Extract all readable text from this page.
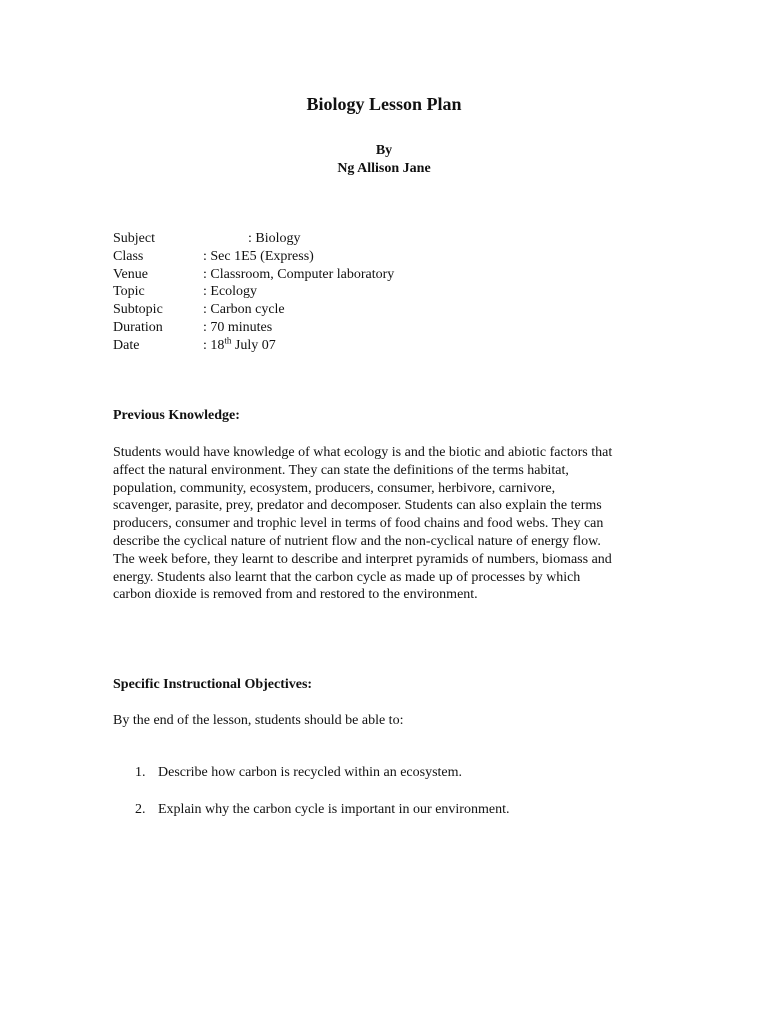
Biology Lesson Plan
By
Ng Allison Jane
Subject	: Biology
Class	: Sec 1E5 (Express)
Venue	: Classroom, Computer laboratory
Topic	: Ecology
Subtopic	: Carbon cycle
Duration	: 70 minutes
Date	: 18th July 07
Previous Knowledge:

Students would have knowledge of what ecology is and the biotic and abiotic factors that
affect the natural environment. They can state the definitions of the terms habitat,
population, community, ecosystem, producers, consumer, herbivore, carnivore,
scavenger, parasite, prey, predator and decomposer. Students can also explain the terms
producers, consumer and trophic level in terms of food chains and food webs. They can
describe the cyclical nature of nutrient flow and the non-cyclical nature of energy flow.
The week before, they learnt to describe and interpret pyramids of numbers, biomass and
energy. Students also learnt that the carbon cycle as made up of processes by which
carbon dioxide is removed from and restored to the environment.

Specific Instructional Objectives:

By the end of the lesson, students should be able to:

1. Describe how carbon is recycled within an ecosystem.
2. Explain why the carbon cycle is important in our environment.
